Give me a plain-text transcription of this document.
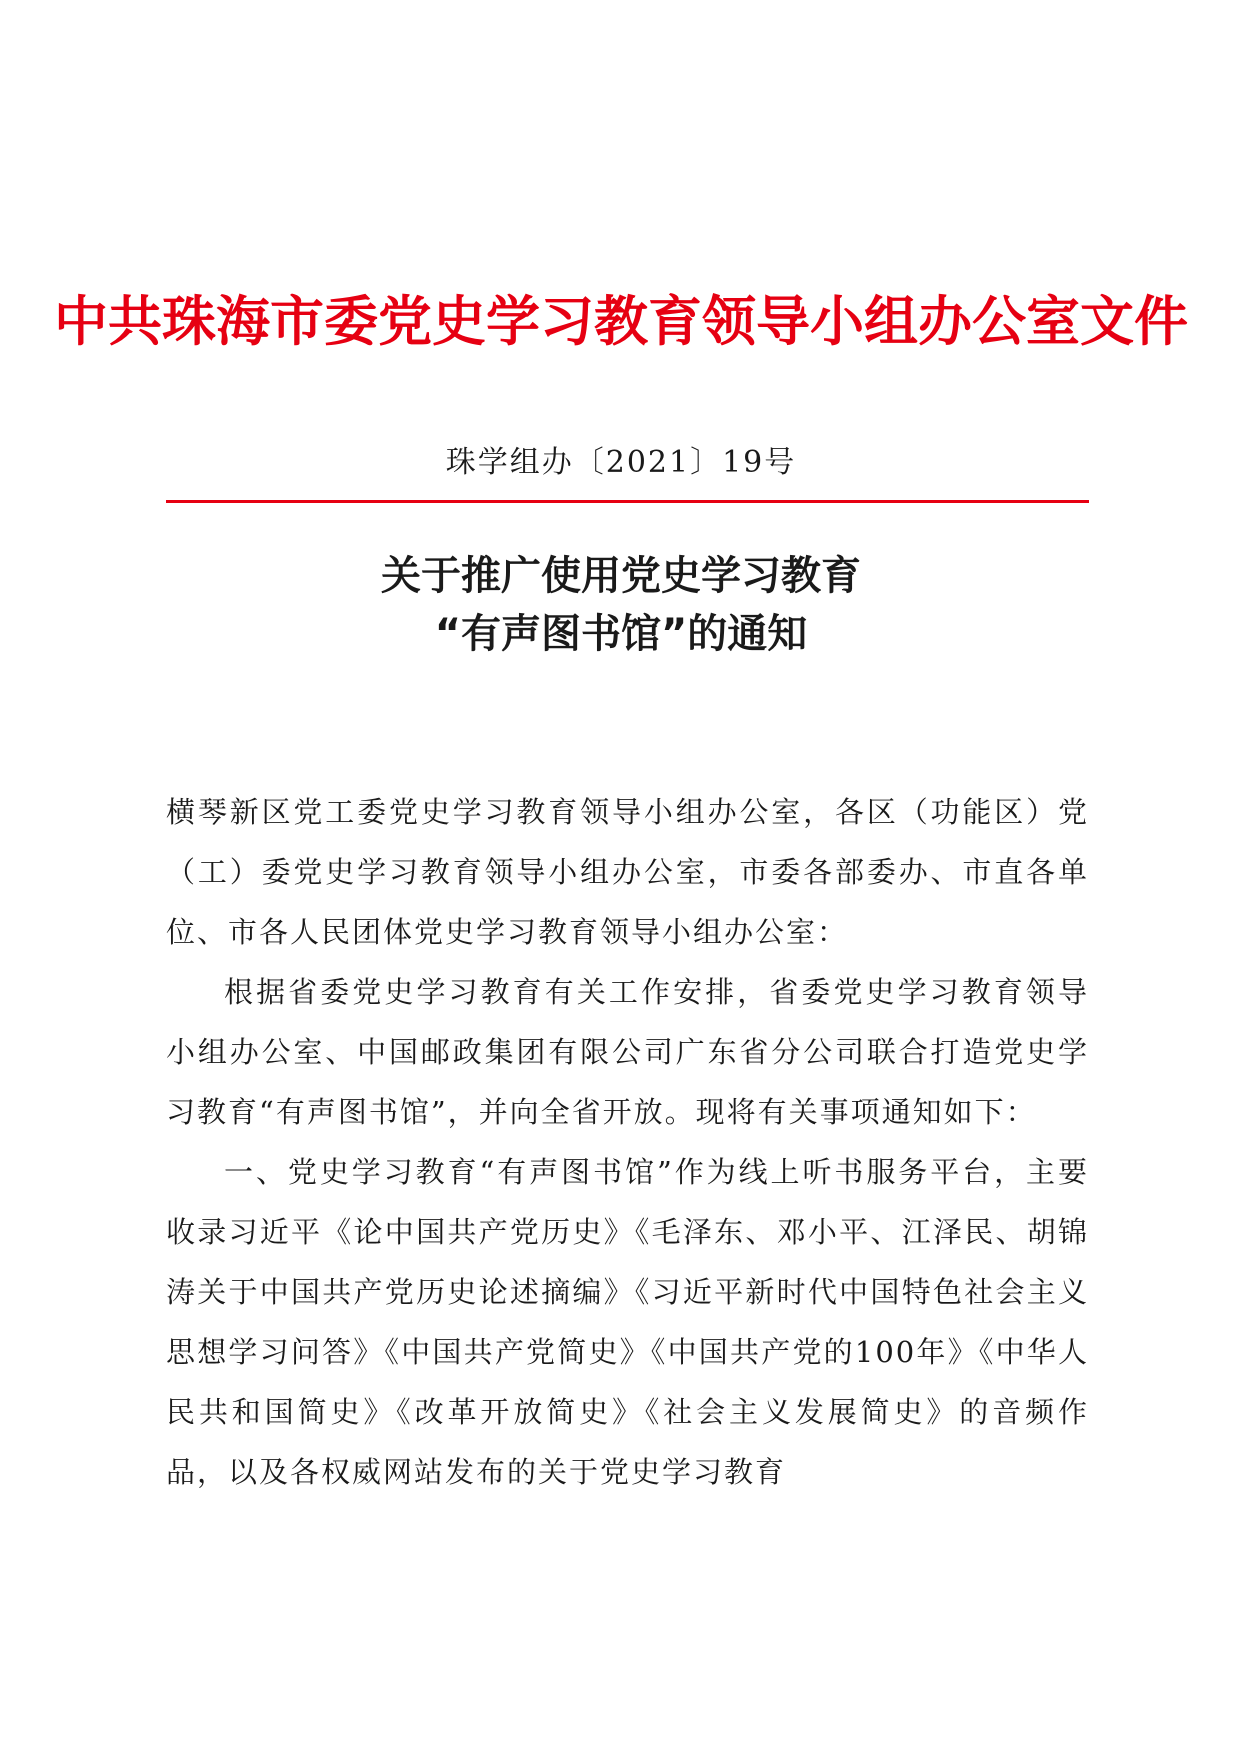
中共珠海市委党史学习教育领导小组办公室文件
珠学组办〔2021〕19号
关于推广使用党史学习教育
“有声图书馆”的通知

横琴新区党工委党史学习教育领导小组办公室，各区（功能区）党（工）委党史学习教育领导小组办公室，市委各部委办、市直各单位、市各人民团体党史学习教育领导小组办公室：

根据省委党史学习教育有关工作安排，省委党史学习教育领导小组办公室、中国邮政集团有限公司广东省分公司联合打造党史学习教育“有声图书馆”，并向全省开放。现将有关事项通知如下：

一、党史学习教育“有声图书馆”作为线上听书服务平台，主要收录习近平《论中国共产党历史》《毛泽东、邓小平、江泽民、胡锦涛关于中国共产党历史论述摘编》《习近平新时代中国特色社会主义思想学习问答》《中国共产党简史》《中国共产党的100年》《中华人民共和国简史》《改革开放简史》《社会主义发展简史》的音频作品，以及各权威网站发布的关于党史学习教育
